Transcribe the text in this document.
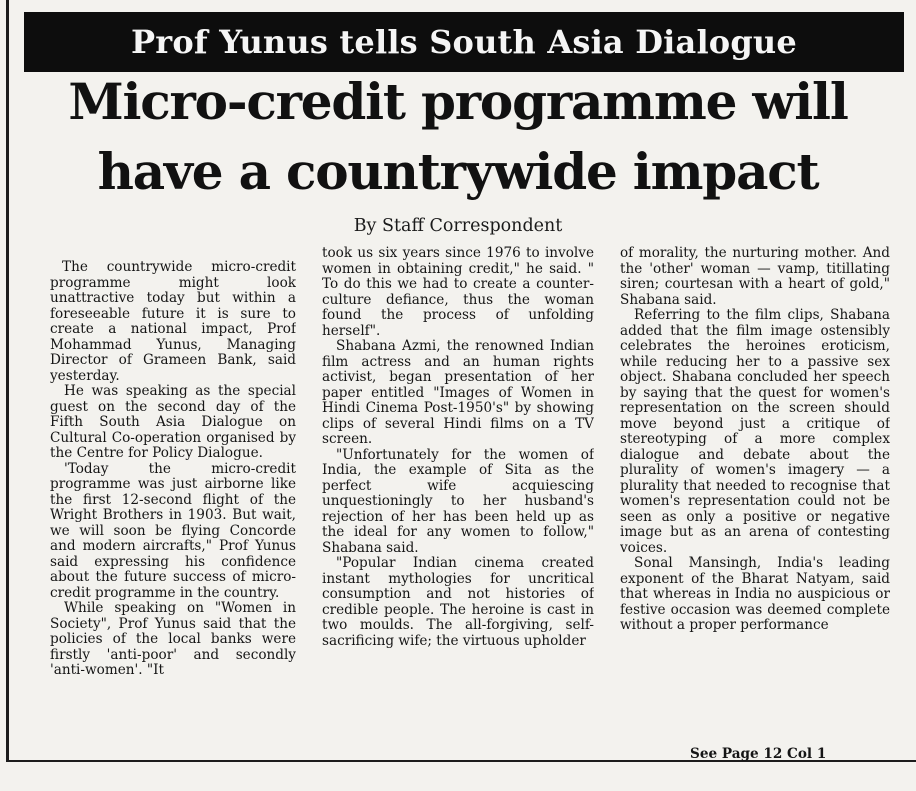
Prof Yunus tells South Asia Dialogue
Micro-credit programme will
have a countrywide impact
By Staff Correspondent

The countrywide micro-credit programme might look unattractive today but within a foreseeable future it is sure to create a national impact, Prof Mohammad Yunus, Managing Director of Grameen Bank, said yesterday.

He was speaking as the special guest on the second day of the Fifth South Asia Dialogue on Cultural Co-operation organised by the Centre for Policy Dialogue.

'Today the micro-credit programme was just airborne like the first 12-second flight of the Wright Brothers in 1903. But wait, we will soon be flying Concorde and modern aircrafts," Prof Yunus said expressing his confidence about the future success of micro-credit programme in the country.

While speaking on "Women in Society", Prof Yunus said that the policies of the local banks were firstly 'anti-poor' and secondly 'anti-women'. "It

took us six years since 1976 to involve women in obtaining credit," he said. " To do this we had to create a counter-culture defiance, thus the woman found the process of unfolding herself".

Shabana Azmi, the renowned Indian film actress and an human rights activist, began presentation of her paper entitled "Images of Women in Hindi Cinema Post-1950's" by showing clips of several Hindi films on a TV screen.

"Unfortunately for the women of India, the example of Sita as the perfect wife acquiescing unquestioningly to her husband's rejection of her has been held up as the ideal for any women to follow," Shabana said.

"Popular Indian cinema created instant mythologies for uncritical consumption and not histories of credible people. The heroine is cast in two moulds. The all-forgiving, self-sacrificing wife; the virtuous upholder

of morality, the nurturing mother. And the 'other' woman — vamp, titillating siren; courtesan with a heart of gold," Shabana said.

Referring to the film clips, Shabana added that the film image ostensibly celebrates the heroines eroticism, while reducing her to a passive sex object. Shabana concluded her speech by saying that the quest for women's representation on the screen should move beyond just a critique of stereotyping of a more complex dialogue and debate about the plurality of women's imagery — a plurality that needed to recognise that women's representation could not be seen as only a positive or negative image but as an arena of contesting voices.

Sonal Mansingh, India's leading exponent of the Bharat Natyam, said that whereas in India no auspicious or festive occasion was deemed complete without a proper performance

See Page 12 Col 1
